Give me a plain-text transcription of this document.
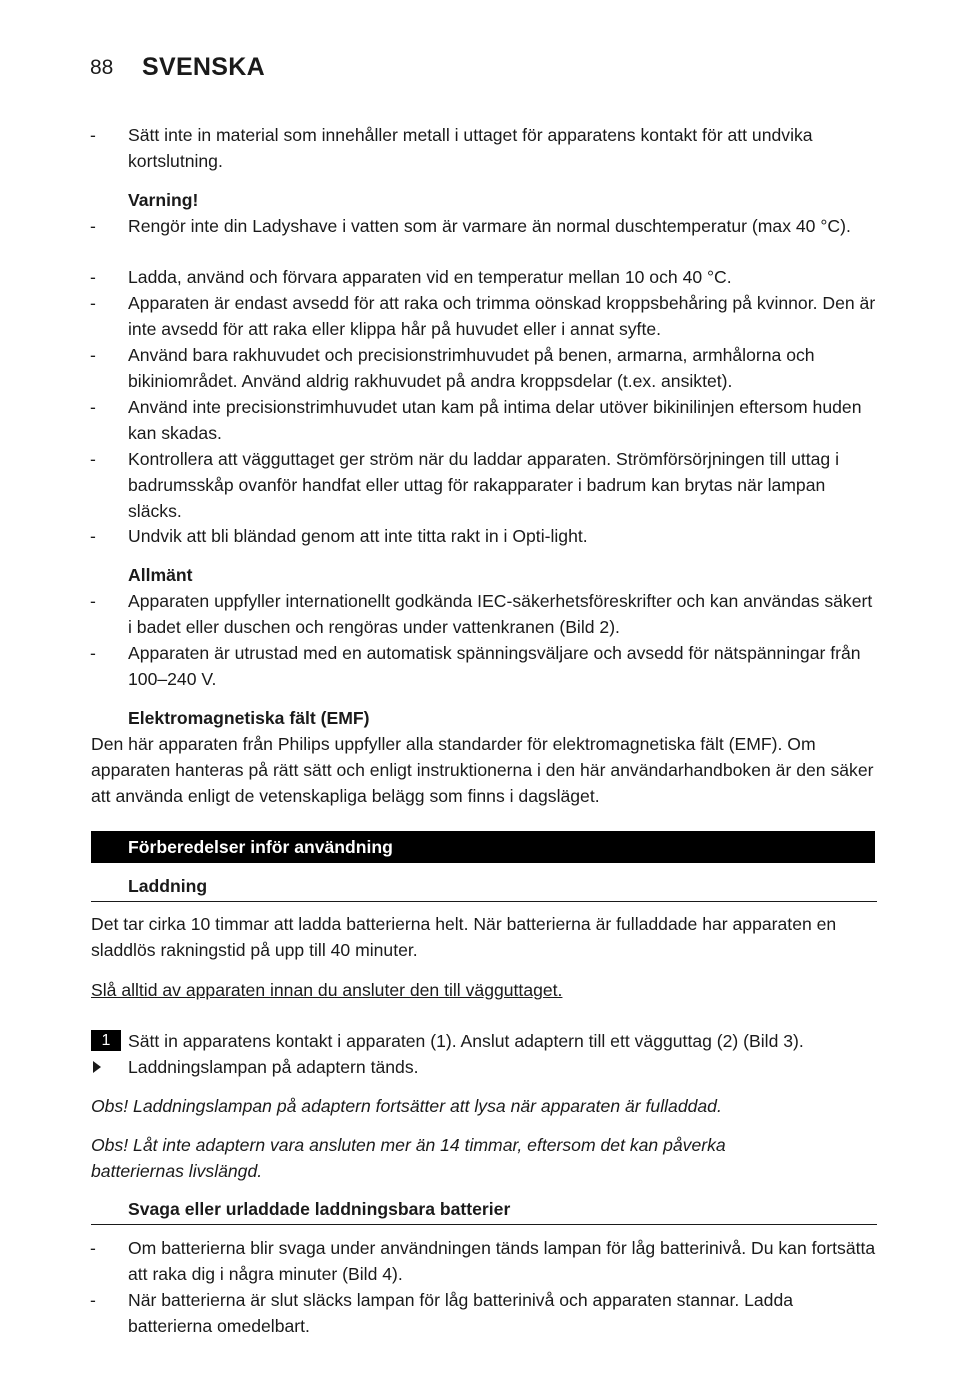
88 SVENSKA
- Sätt inte in material som innehåller metall i uttaget för apparatens kontakt för att undvika kortslutning.
Varning!
- Rengör inte din Ladyshave i vatten som är varmare än normal duschtemperatur (max 40 °C).
- Ladda, använd och förvara apparaten vid en temperatur mellan 10 och 40 °C.
- Apparaten är endast avsedd för att raka och trimma oönskad kroppsbehåring på kvinnor. Den är inte avsedd för att raka eller klippa hår på huvudet eller i annat syfte.
- Använd bara rakhuvudet och precisionstrimhuvudet på benen, armarna, armhålorna och bikiniområdet. Använd aldrig rakhuvudet på andra kroppsdelar (t.ex. ansiktet).
- Använd inte precisionstrimhuvudet utan kam på intima delar utöver bikinilinjen eftersom huden kan skadas.
- Kontrollera att vägguttaget ger ström när du laddar apparaten. Strömförsörjningen till uttag i badrumsskåp ovanför handfat eller uttag för rakapparater i badrum kan brytas när lampan släcks.
- Undvik att bli bländad genom att inte titta rakt in i Opti-light.
Allmänt
- Apparaten uppfyller internationellt godkända IEC-säkerhetsföreskrifter och kan användas säkert i badet eller duschen och rengöras under vattenkranen (Bild 2).
- Apparaten är utrustad med en automatisk spänningsväljare och avsedd för nätspänningar från 100–240 V.
Elektromagnetiska fält (EMF)
Den här apparaten från Philips uppfyller alla standarder för elektromagnetiska fält (EMF). Om apparaten hanteras på rätt sätt och enligt instruktionerna i den här användarhandboken är den säker att använda enligt de vetenskapliga belägg som finns i dagsläget.
Förberedelser inför användning
Laddning
Det tar cirka 10 timmar att ladda batterierna helt. När batterierna är fulladdade har apparaten en sladdlös rakningstid på upp till 40 minuter.
Slå alltid av apparaten innan du ansluter den till vägguttaget.
1 Sätt in apparatens kontakt i apparaten (1). Anslut adaptern till ett vägguttag (2) (Bild 3).
Laddningslampan på adaptern tänds.
Obs! Laddningslampan på adaptern fortsätter att lysa när apparaten är fulladdad.
Obs! Låt inte adaptern vara ansluten mer än 14 timmar, eftersom det kan påverka batteriernas livslängd.
Svaga eller urladdade laddningsbara batterier
- Om batterierna blir svaga under användningen tänds lampan för låg batterinivå. Du kan fortsätta att raka dig i några minuter (Bild 4).
- När batterierna är slut släcks lampan för låg batterinivå och apparaten stannar. Ladda batterierna omedelbart.
